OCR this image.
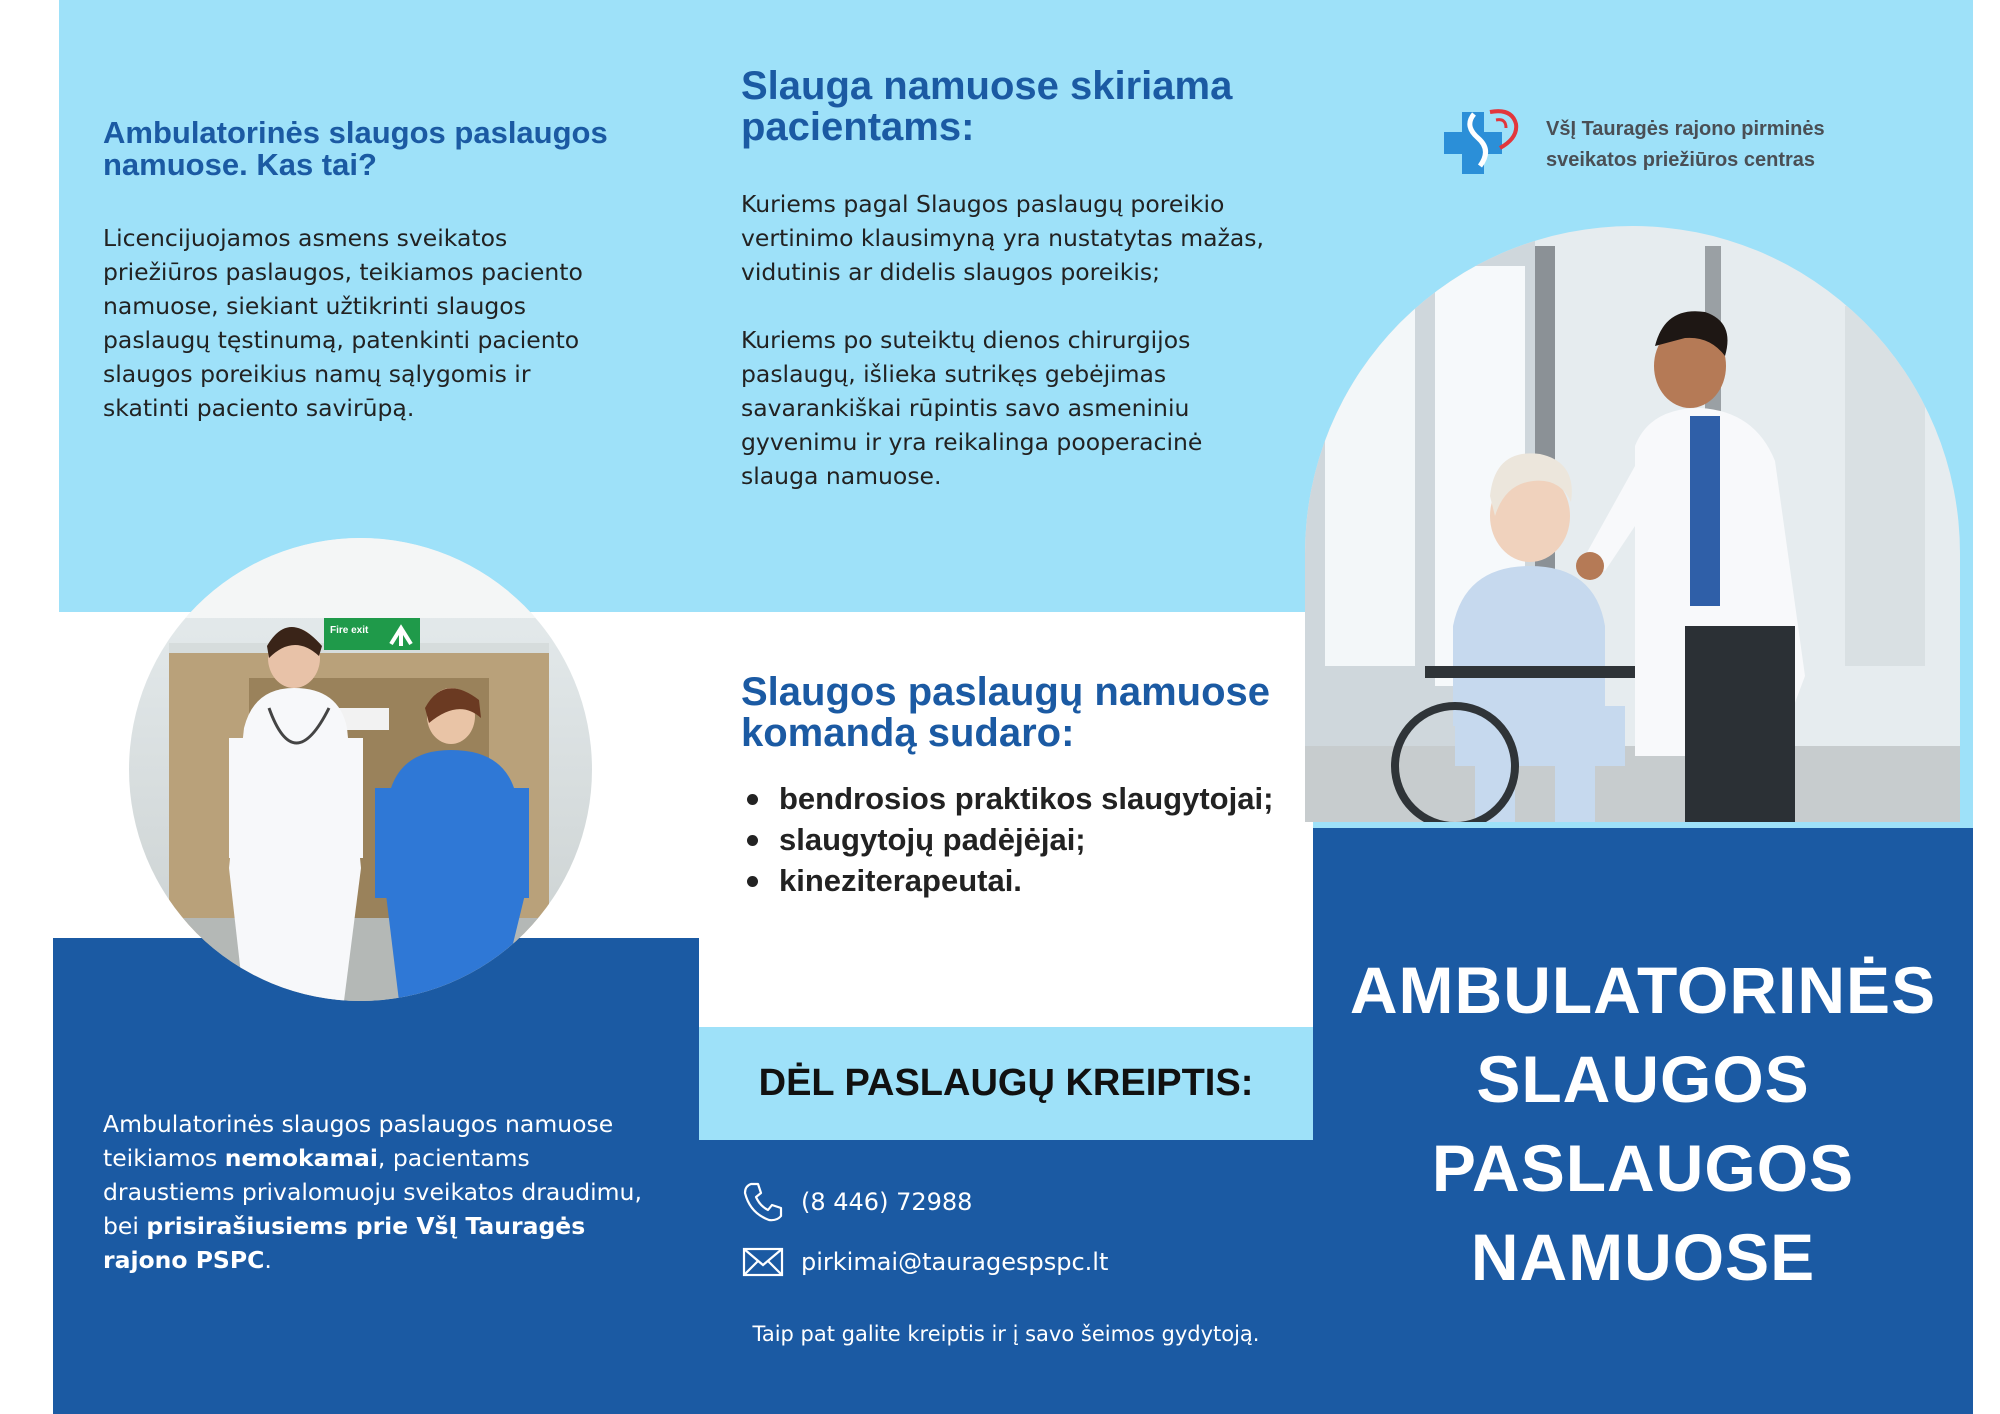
Ambulatorinės slaugos paslaugos namuose. Kas tai?

Licencijuojamos asmens sveikatos priežiūros paslaugos, teikiamos paciento namuose, siekiant užtikrinti slaugos paslaugų tęstinumą, patenkinti paciento slaugos poreikius namų sąlygomis ir skatinti paciento savirūpą.

Fire exit

Ambulatorinės slaugos paslaugos namuose teikiamos nemokamai, pacientams draustiems privalomuoju sveikatos draudimu, bei prisirašiusiems prie VšĮ Tauragės rajono PSPC.

Slauga namuose skiriama pacientams:

Kuriems pagal Slaugos paslaugų poreikio vertinimo klausimyną yra nustatytas mažas, vidutinis ar didelis slaugos poreikis;

Kuriems po suteiktų dienos chirurgijos paslaugų, išlieka sutrikęs gebėjimas savarankiškai rūpintis savo asmeniniu gyvenimu ir yra reikalinga pooperacinė slauga namuose.

Slaugos paslaugų namuose komandą sudaro:
bendrosios praktikos slaugytojai;
slaugytojų padėjėjai;
kineziterapeutai.
DĖL PASLAUGŲ KREIPTIS:
(8 446) 72988
pirkimai@tauragespspc.lt

Taip pat galite kreiptis ir į savo šeimos gydytoją.

VšĮ Tauragės rajono pirminės
sveikatos priežiūros centras
AMBULATORINĖS
SLAUGOS
PASLAUGOS
NAMUOSE
